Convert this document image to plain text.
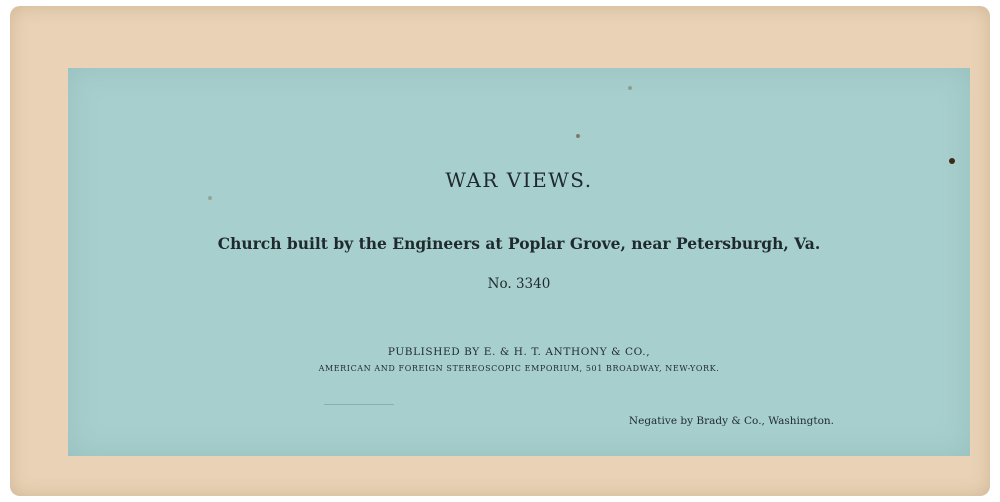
WAR VIEWS.
Church built by the Engineers at Poplar Grove, near Petersburgh, Va.
No. 3340
PUBLISHED BY E. & H. T. ANTHONY & CO.,
AMERICAN AND FOREIGN STEREOSCOPIC EMPORIUM, 501 BROADWAY, NEW-YORK.
Negative by Brady & Co., Washington.
